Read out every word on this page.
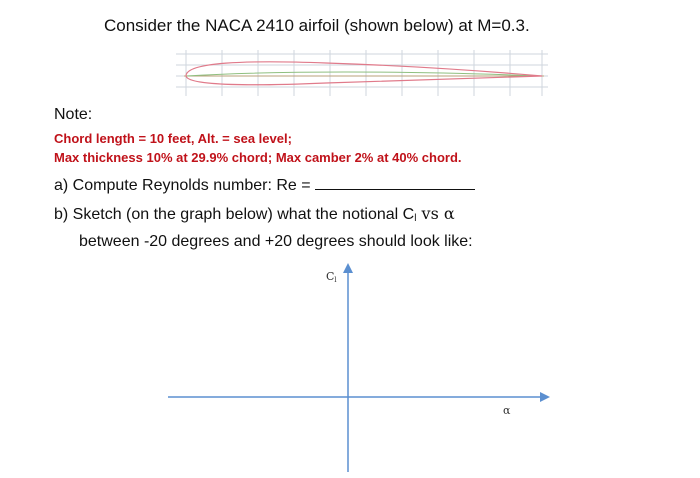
Consider the NACA 2410 airfoil (shown below) at M=0.3.
Note:
Chord length = 10 feet, Alt. = sea level;
Max thickness 10% at 29.9% chord; Max camber 2% at 40% chord.
a) Compute Reynolds number: Re =
b) Sketch (on the graph below) what the notional $C_l$ vs α
between -20 degrees and +20 degrees should look like:
Cl
α
